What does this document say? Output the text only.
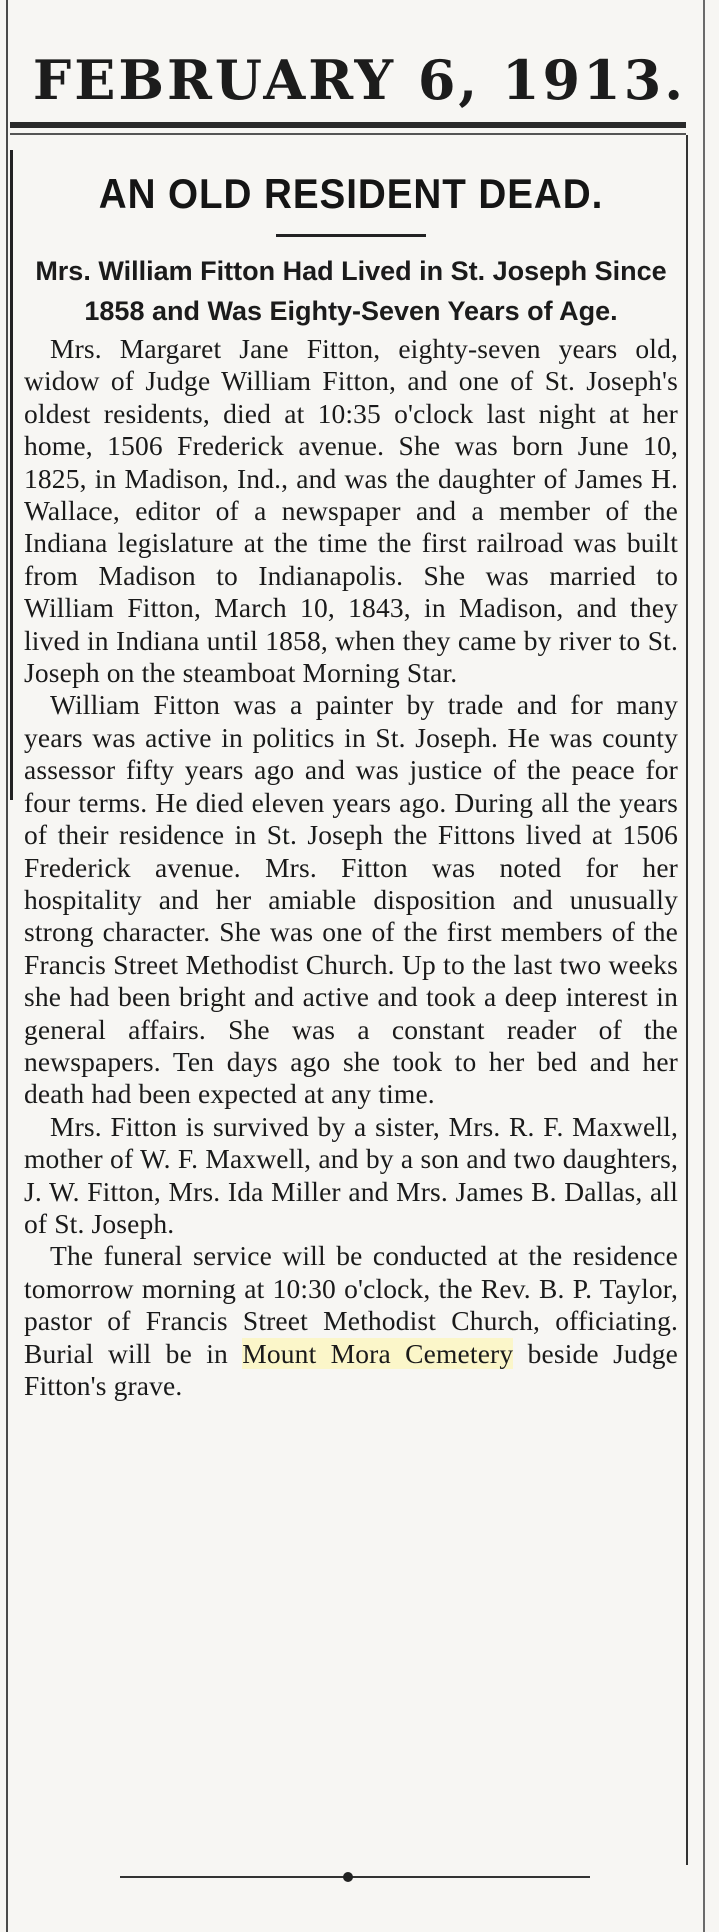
FEBRUARY 6, 1913.
AN OLD RESIDENT DEAD.
Mrs. William Fitton Had Lived in St. Joseph Since 1858 and Was Eighty-Seven Years of Age.

Mrs. Margaret Jane Fitton, eighty-seven years old, widow of Judge William Fitton, and one of St. Joseph's oldest residents, died at 10:35 o'clock last night at her home, 1506 Frederick avenue. She was born June 10, 1825, in Madison, Ind., and was the daughter of James H. Wallace, editor of a newspaper and a member of the Indiana legislature at the time the first railroad was built from Madison to Indianapolis. She was married to William Fitton, March 10, 1843, in Madison, and they lived in Indiana until 1858, when they came by river to St. Joseph on the steamboat Morning Star.

William Fitton was a painter by trade and for many years was active in politics in St. Joseph. He was county assessor fifty years ago and was justice of the peace for four terms. He died eleven years ago. During all the years of their residence in St. Joseph the Fittons lived at 1506 Frederick avenue. Mrs. Fitton was noted for her hospitality and her amiable disposition and unusually strong character. She was one of the first members of the Francis Street Methodist Church. Up to the last two weeks she had been bright and active and took a deep interest in general affairs. She was a constant reader of the newspapers. Ten days ago she took to her bed and her death had been expected at any time.

Mrs. Fitton is survived by a sister, Mrs. R. F. Maxwell, mother of W. F. Maxwell, and by a son and two daughters, J. W. Fitton, Mrs. Ida Miller and Mrs. James B. Dallas, all of St. Joseph.

The funeral service will be conducted at the residence tomorrow morning at 10:30 o'clock, the Rev. B. P. Taylor, pastor of Francis Street Methodist Church, officiating. Burial will be in Mount Mora Cemetery beside Judge Fitton's grave.
